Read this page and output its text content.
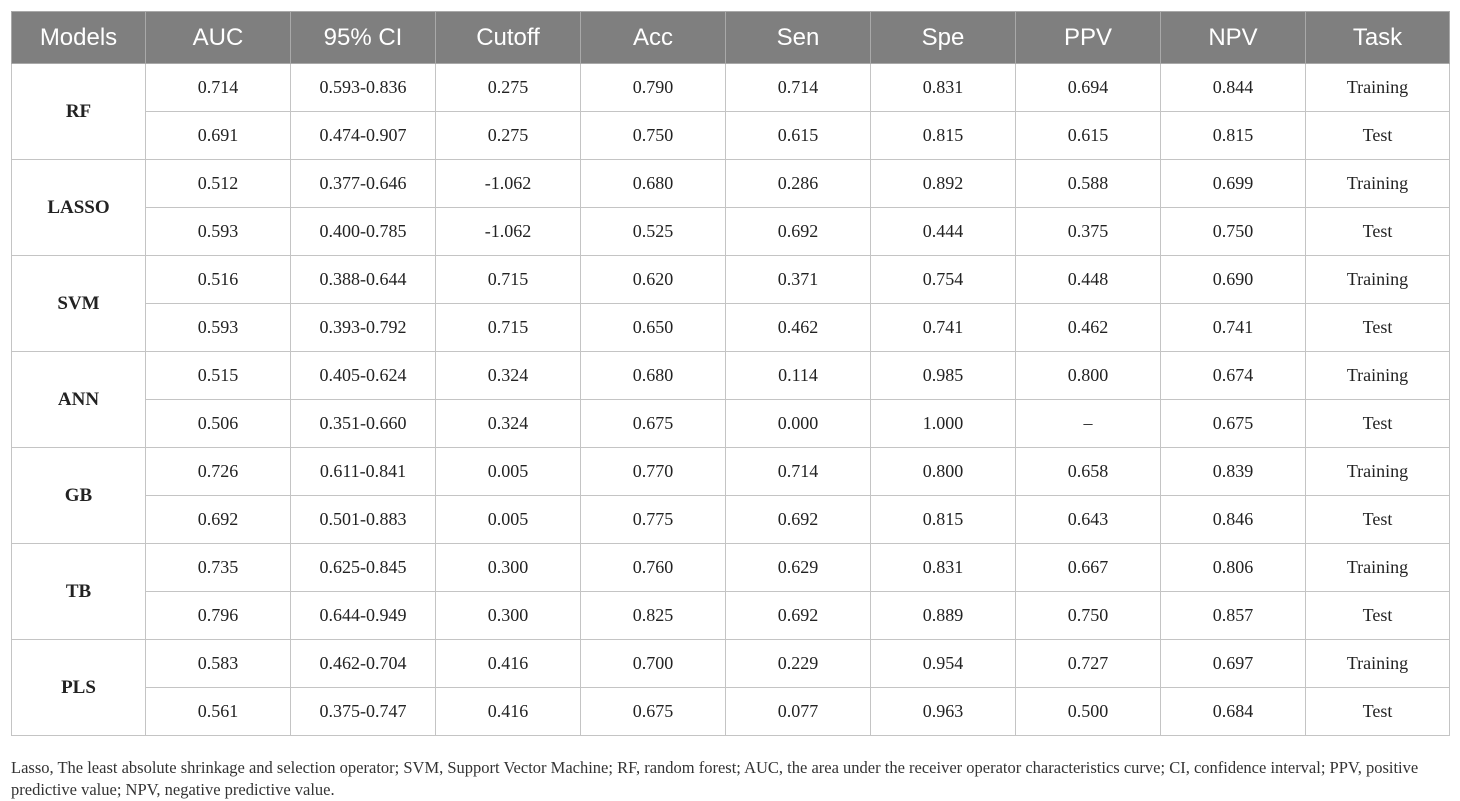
Models	AUC	95% CI	Cutoff	Acc	Sen	Spe	PPV	NPV	Task
RF	0.714	0.593-0.836	0.275	0.790	0.714	0.831	0.694	0.844	Training
	0.691	0.474-0.907	0.275	0.750	0.615	0.815	0.615	0.815	Test
LASSO	0.512	0.377-0.646	-1.062	0.680	0.286	0.892	0.588	0.699	Training
	0.593	0.400-0.785	-1.062	0.525	0.692	0.444	0.375	0.750	Test
SVM	0.516	0.388-0.644	0.715	0.620	0.371	0.754	0.448	0.690	Training
	0.593	0.393-0.792	0.715	0.650	0.462	0.741	0.462	0.741	Test
ANN	0.515	0.405-0.624	0.324	0.680	0.114	0.985	0.800	0.674	Training
	0.506	0.351-0.660	0.324	0.675	0.000	1.000	–	0.675	Test
GB	0.726	0.611-0.841	0.005	0.770	0.714	0.800	0.658	0.839	Training
	0.692	0.501-0.883	0.005	0.775	0.692	0.815	0.643	0.846	Test
TB	0.735	0.625-0.845	0.300	0.760	0.629	0.831	0.667	0.806	Training
	0.796	0.644-0.949	0.300	0.825	0.692	0.889	0.750	0.857	Test
PLS	0.583	0.462-0.704	0.416	0.700	0.229	0.954	0.727	0.697	Training
	0.561	0.375-0.747	0.416	0.675	0.077	0.963	0.500	0.684	Test

Lasso, The least absolute shrinkage and selection operator; SVM, Support Vector Machine; RF, random forest; AUC, the area under the receiver operator characteristics curve; CI, confidence interval; PPV, positive predictive value; NPV, negative predictive value.
